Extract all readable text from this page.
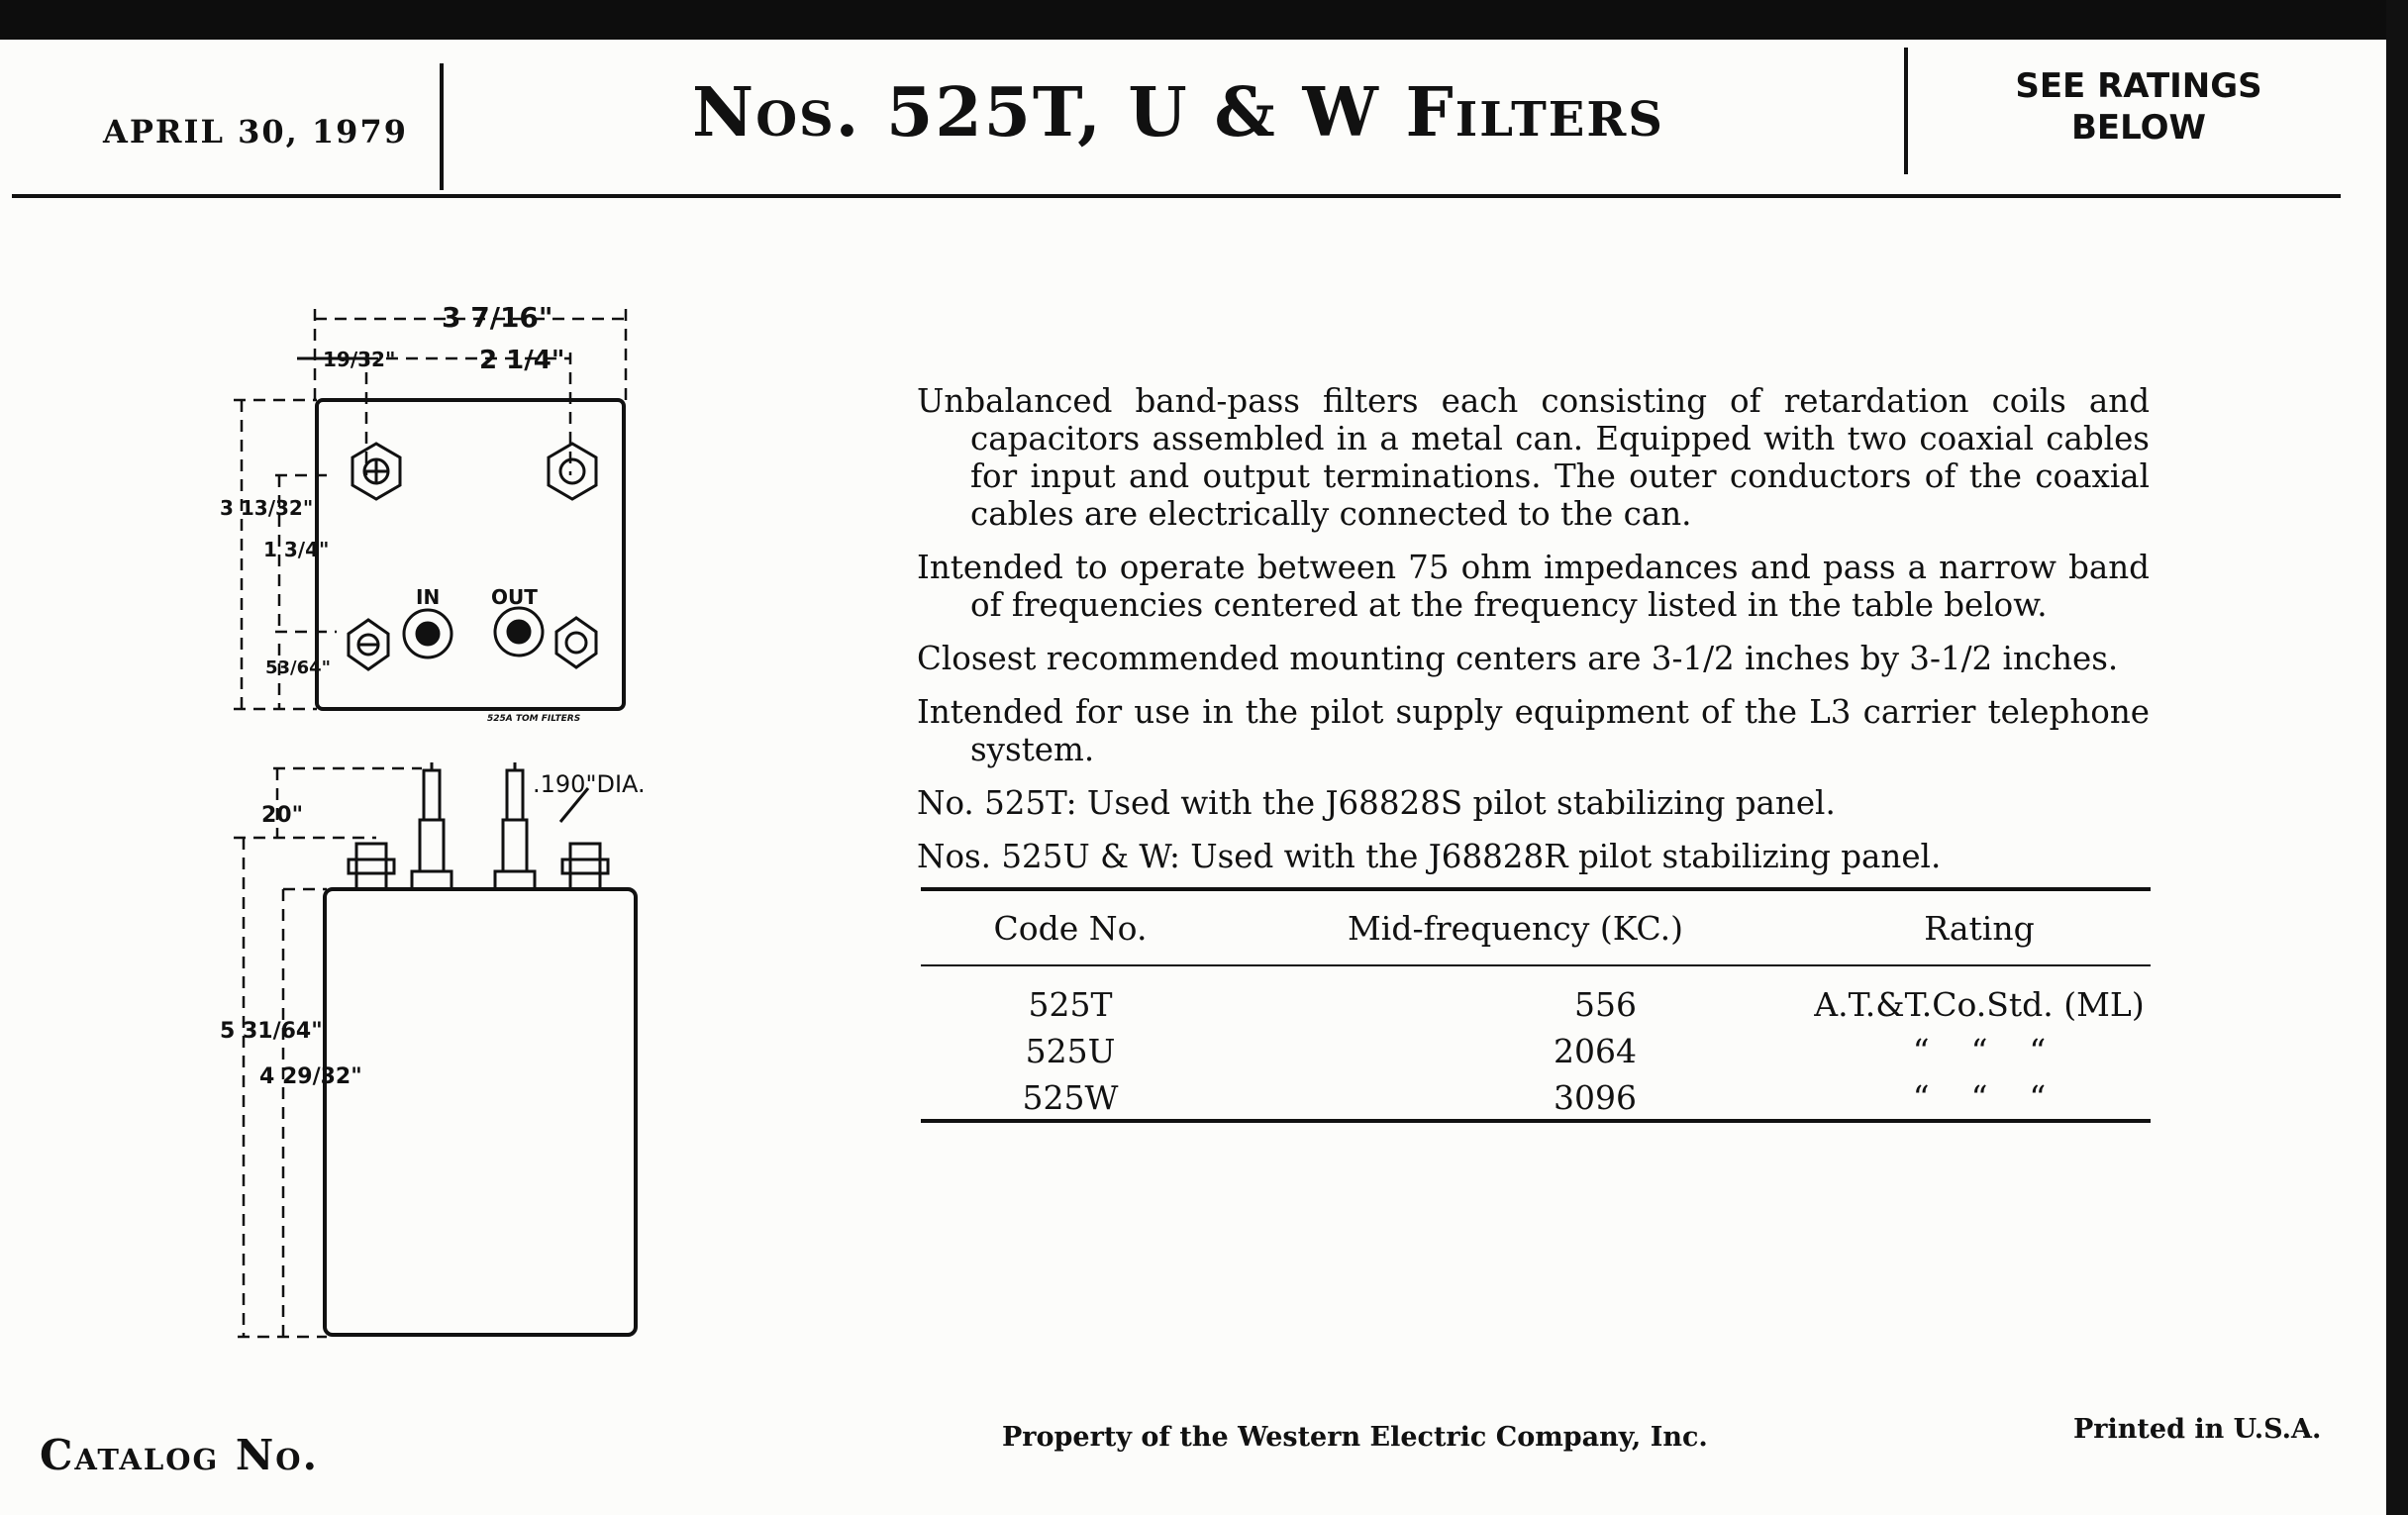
APRIL 30, 1979	Nos. 525T, U & W Filters	SEE RATINGS
BELOW
3 7/16"
19/32"	2 1/4"
3 13/32"
1 3/4"
53/64"
IN	OUT
525A TOM FILTERS
20"
.190"DIA.
5 31/64"
4 29/32"

Unbalanced band-pass filters each consisting of retardation coils and capacitors assembled in a metal can. Equipped with two coaxial cables for input and output terminations. The outer conductors of the coaxial cables are electrically connected to the can.

Intended to operate between 75 ohm impedances and pass a narrow band of frequencies centered at the frequency listed in the table below.

Closest recommended mounting centers are 3-1/2 inches by 3-1/2 inches.

Intended for use in the pilot supply equipment of the L3 carrier telephone system.

No. 525T: Used with the J68828S pilot stabilizing panel.

Nos. 525U & W: Used with the J68828R pilot stabilizing panel.

Code No.	Mid-frequency (KC.)	Rating
525T	556	A.T.&T.Co.Std. (ML)
525U	2064	“    “    “
525W	3096	“    “    “
Catalog No.	Property of the Western Electric Company, Inc.	Printed in U.S.A.
